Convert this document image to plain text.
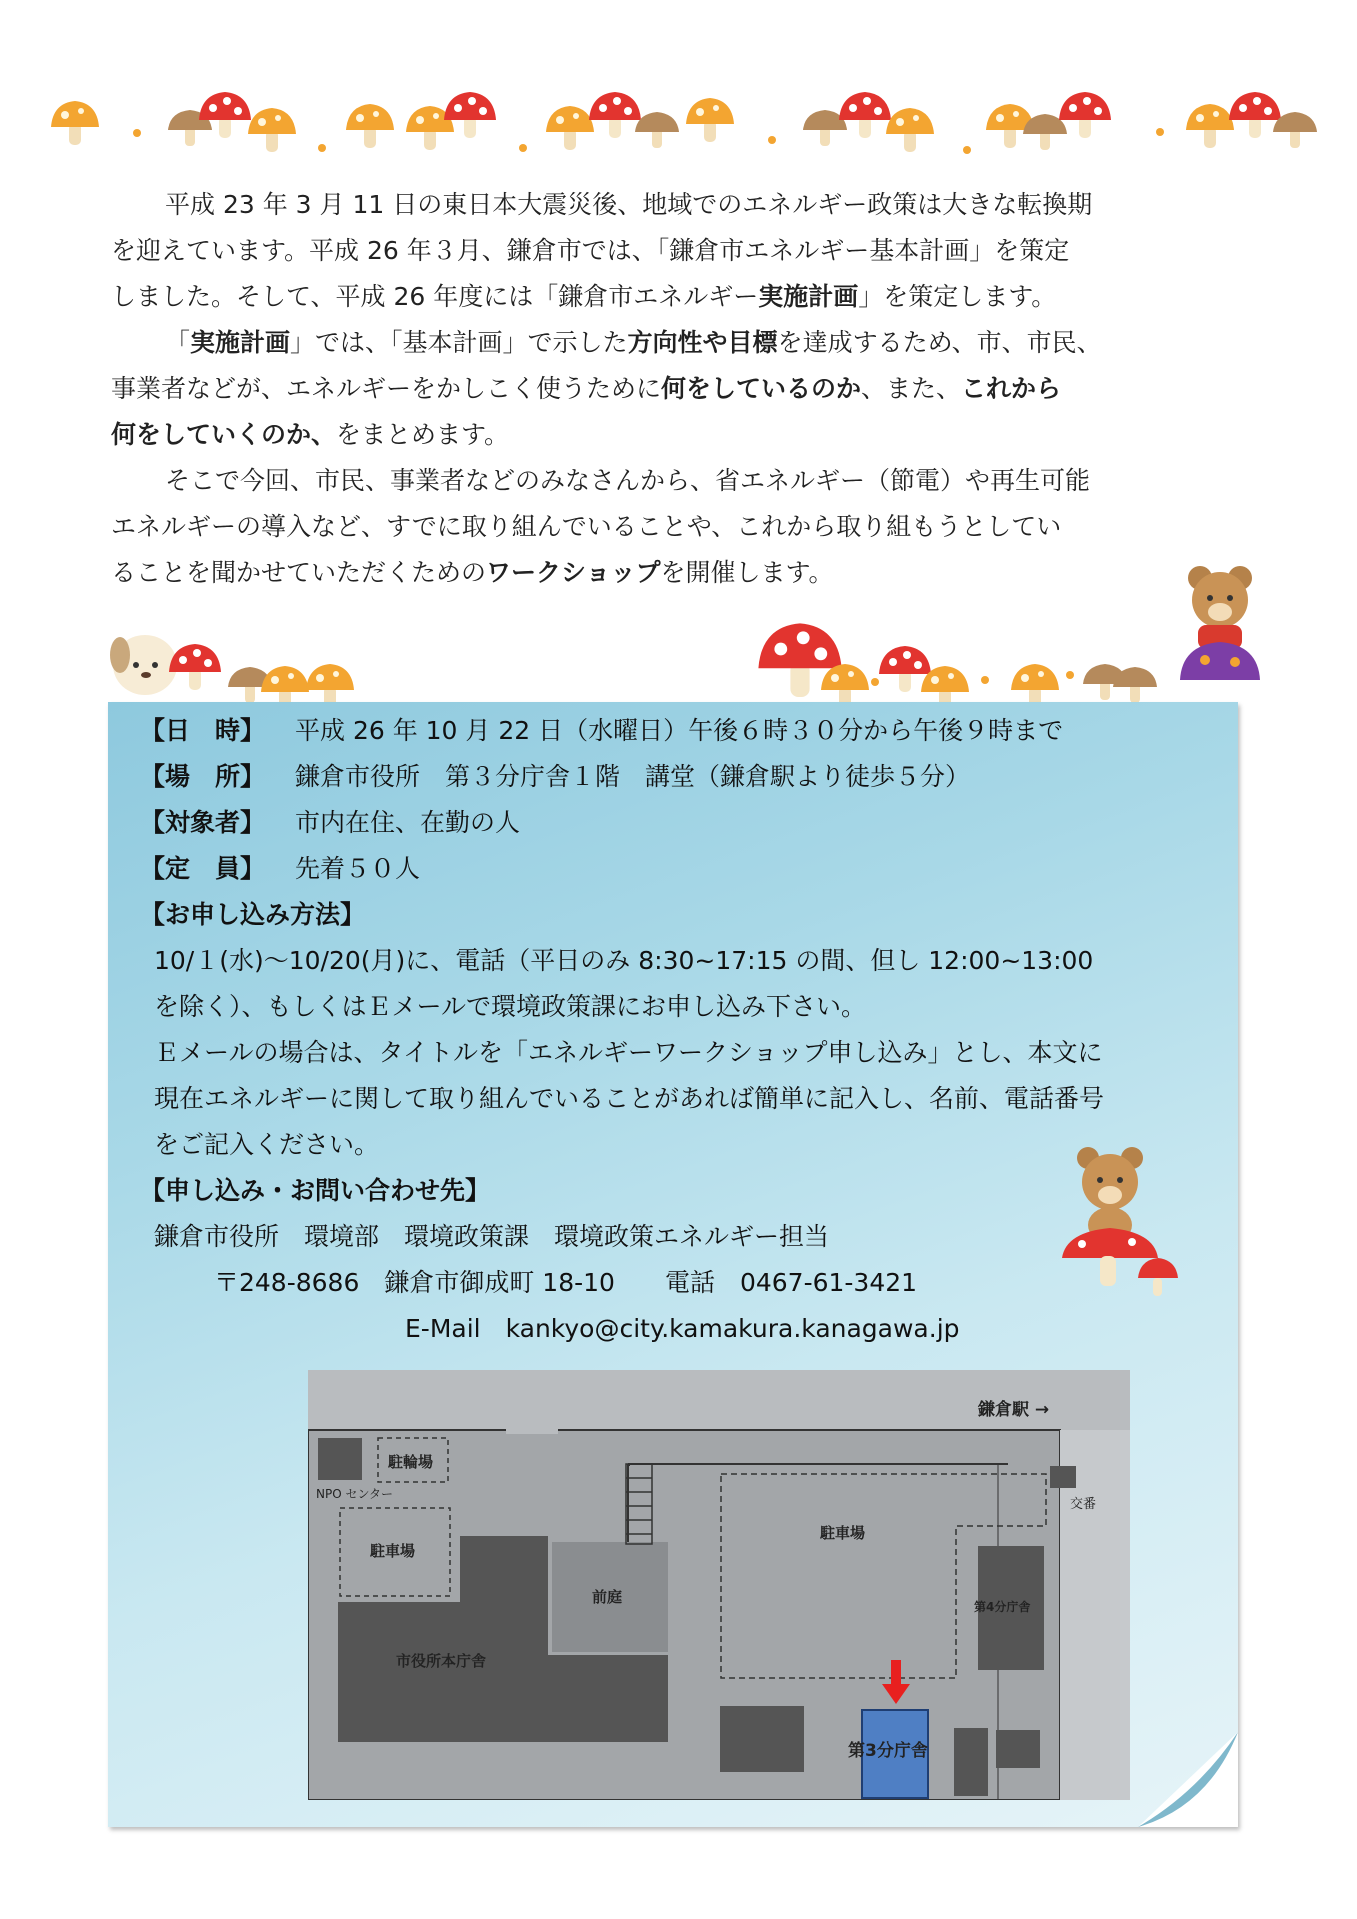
平成 23 年 3 月 11 日の東日本大震災後、地域でのエネルギー政策は大きな転換期
を迎えています。平成 26 年３月、鎌倉市では、「鎌倉市エネルギー基本計画」を策定
しました。そして、平成 26 年度には「鎌倉市エネルギー実施計画」を策定します。

「実施計画」では、「基本計画」で示した方向性や目標を達成するため、市、市民、
事業者などが、エネルギーをかしこく使うために何をしているのか、また、これから
何をしていくのか、をまとめます。

そこで今回、市民、事業者などのみなさんから、省エネルギー（節電）や再生可能
エネルギーの導入など、すでに取り組んでいることや、これから取り組もうとしてい
ることを聞かせていただくためのワークショップを開催します。

【日　時】 平成 26 年 10 月 22 日（水曜日）午後６時３０分から午後９時まで
【場　所】 鎌倉市役所　第３分庁舎１階　講堂（鎌倉駅より徒歩５分）
【対象者】 市内在住、在勤の人
【定　員】 先着５０人
【お申し込み方法】
10/１(水)～10/20(月)に、電話（平日のみ 8:30~17:15 の間、但し 12:00~13:00
を除く）、もしくはＥメールで環境政策課にお申し込み下さい。
Ｅメールの場合は、タイトルを「エネルギーワークショップ申し込み」とし、本文に
現在エネルギーに関して取り組んでいることがあれば簡単に記入し、名前、電話番号
をご記入ください。
【申し込み・お問い合わせ先】
鎌倉市役所　環境部　環境政策課　環境政策エネルギー担当
〒248-8686　鎌倉市御成町 18-10　　電話　0467-61-3421
E-Mail　kankyo@city.kamakura.kanagawa.jp
鎌倉駅 →
駐輪場
NPO センター
駐車場
市役所本庁舎
前庭
駐車場
交番
第4分庁舎
第3分庁舎
